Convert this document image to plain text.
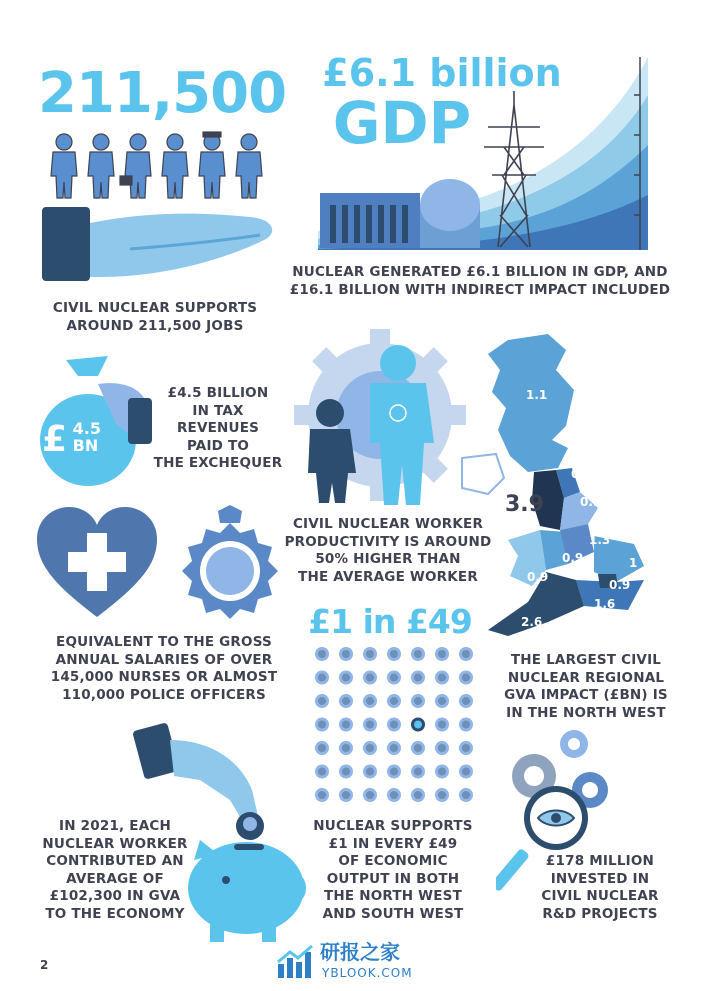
211,500
CIVIL NUCLEAR SUPPORTS
AROUND 211,500 JOBS
£6.1 billion
GDP
NUCLEAR GENERATED £6.1 BILLION IN GDP, AND
£16.1 BILLION WITH INDIRECT IMPACT INCLUDED
£ 4.5
BN
£4.5 BILLION
IN TAX
REVENUES
PAID TO
THE EXCHEQUER
CIVIL NUCLEAR WORKER
PRODUCTIVITY IS AROUND
50% HIGHER THAN
THE AVERAGE WORKER
1.1
0.7
0.8
3.9	0.9
1.3
0.9	1
0.9
0.9
1.6
2.6
THE LARGEST CIVIL
NUCLEAR REGIONAL
GVA IMPACT (£BN) IS
IN THE NORTH WEST
EQUIVALENT TO THE GROSS
ANNUAL SALARIES OF OVER
145,000 NURSES OR ALMOST
110,000 POLICE OFFICERS
£1 in £49
NUCLEAR SUPPORTS
£1 IN EVERY £49
OF ECONOMIC
OUTPUT IN BOTH
THE NORTH WEST
AND SOUTH WEST
IN 2021, EACH
NUCLEAR WORKER
CONTRIBUTED AN
AVERAGE OF
£102,300 IN GVA
TO THE ECONOMY
£178 MILLION
INVESTED IN
CIVIL NUCLEAR
R&D PROJECTS
2
研报之家
YBLOOK.COM
